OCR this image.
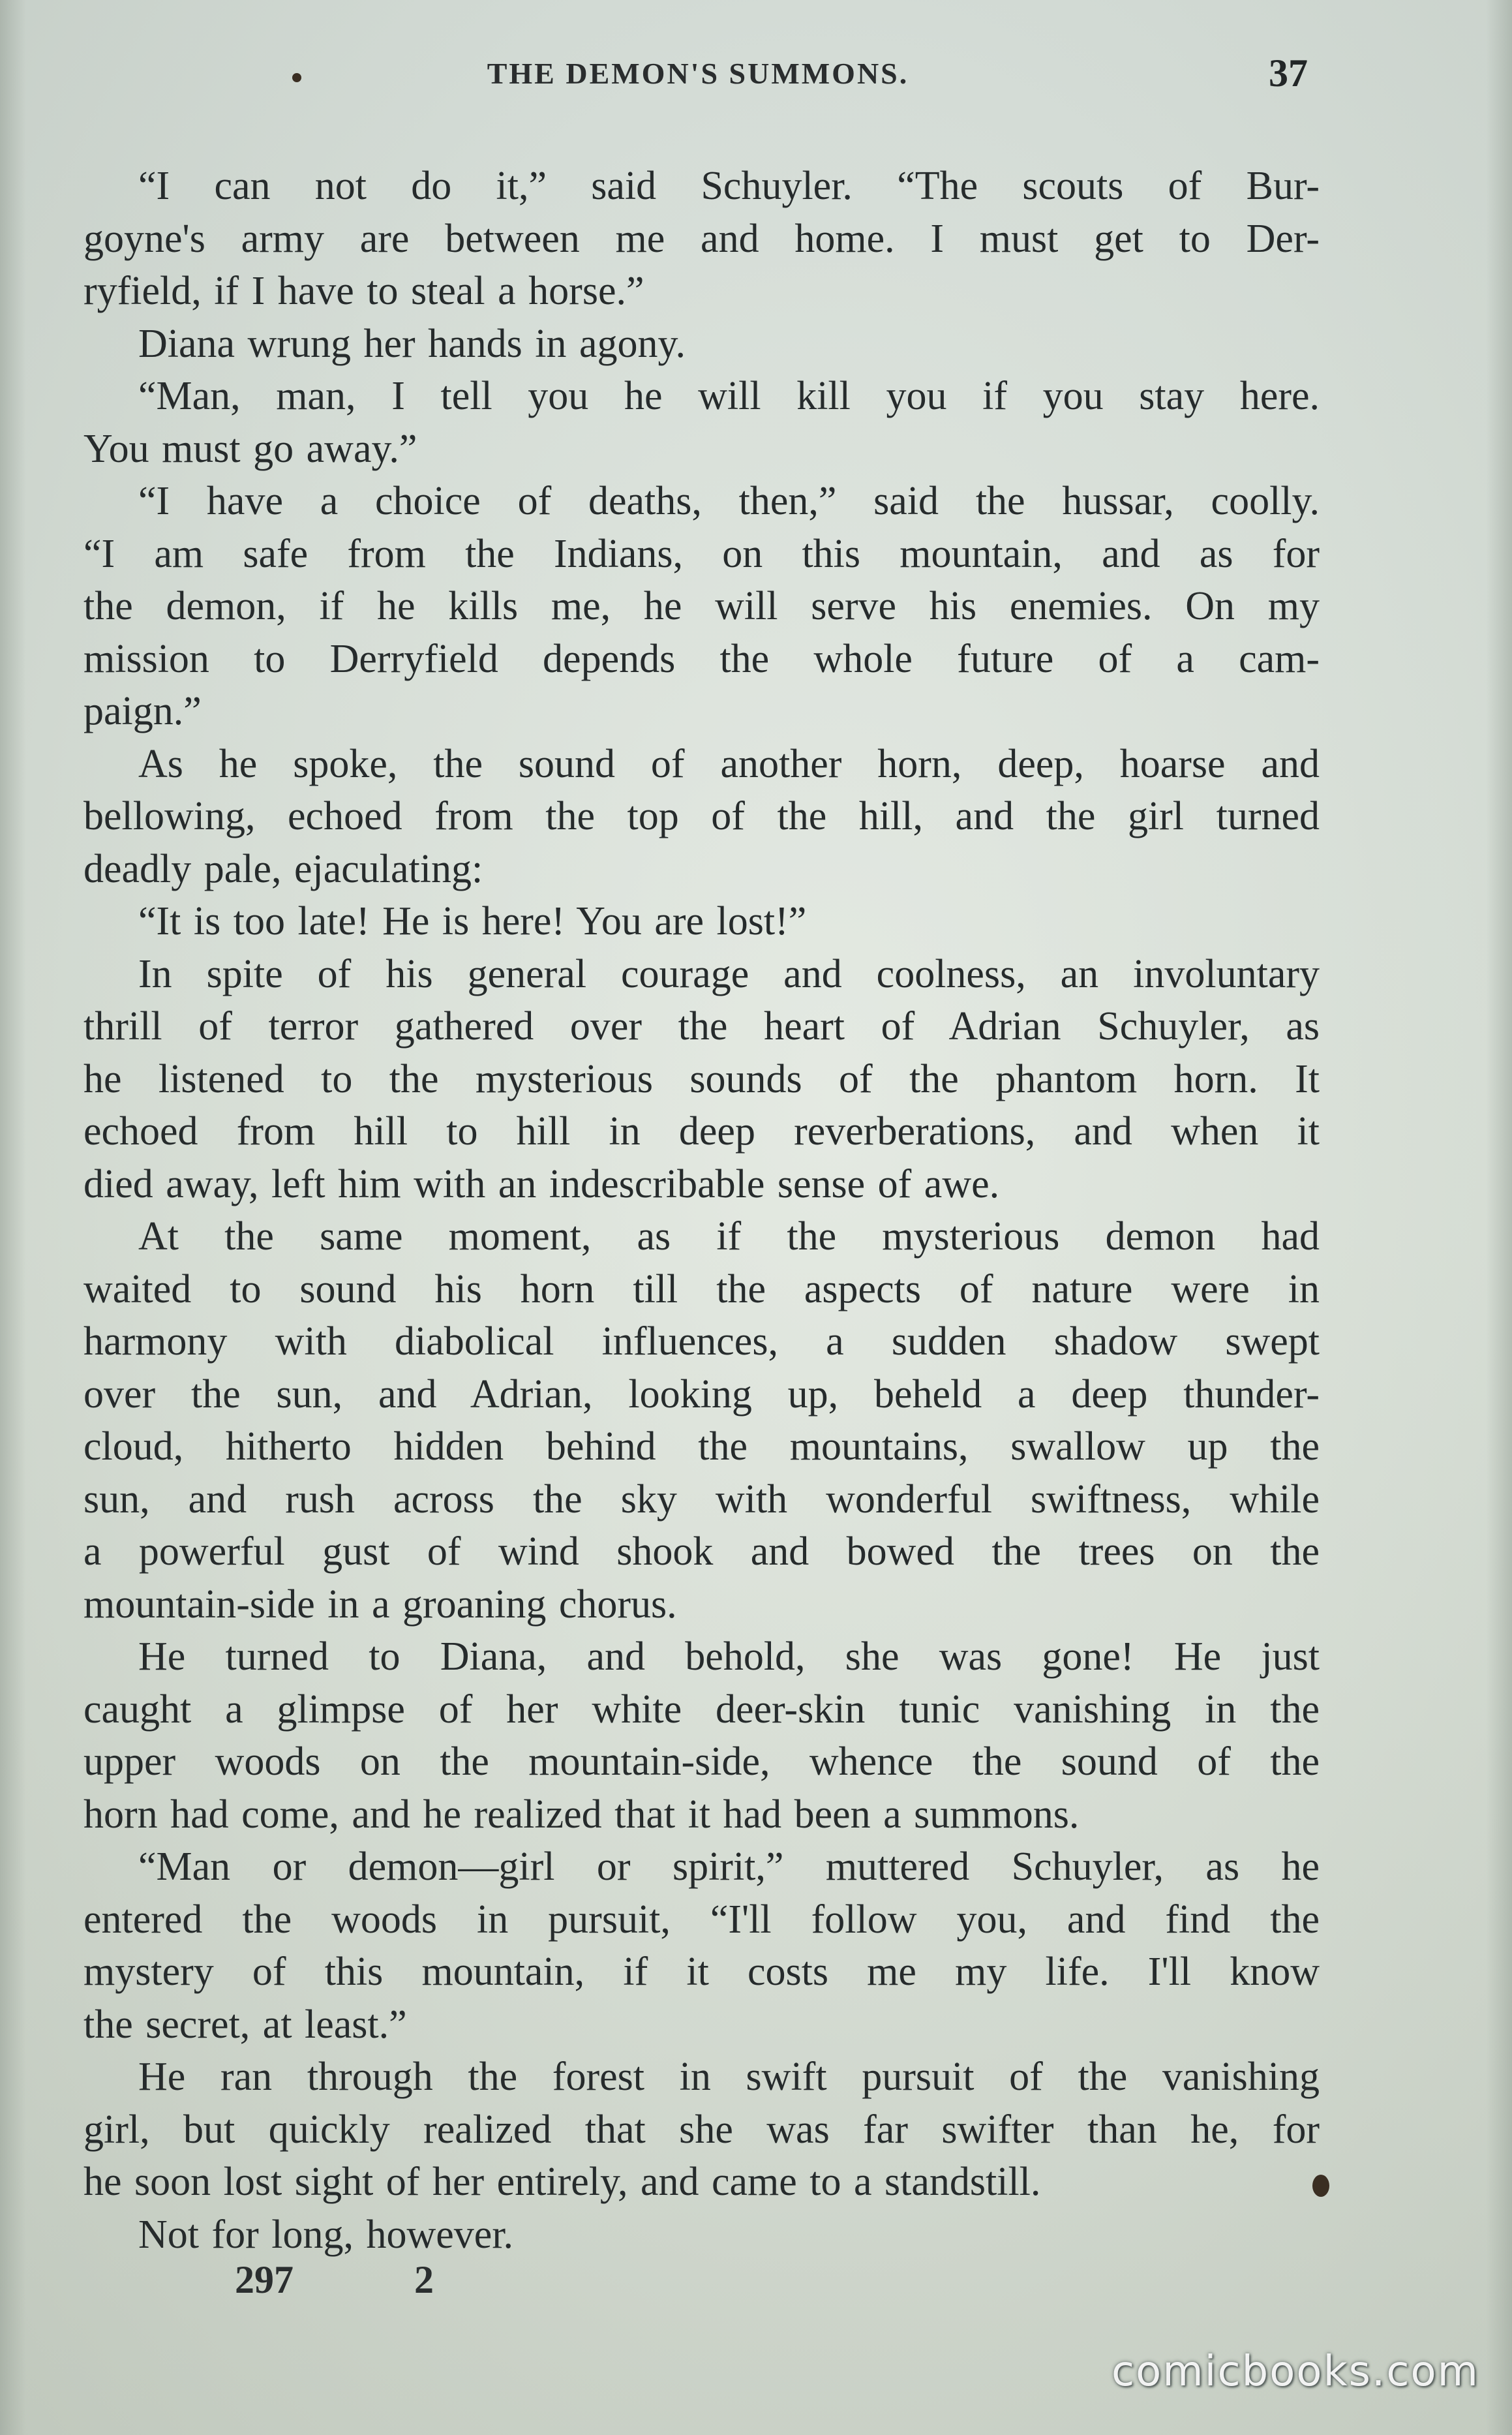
THE DEMON'S SUMMONS.	37
“I can not do it,” said Schuyler. “The scouts of Bur-
goyne's army are between me and home. I must get to Der-
ryfield, if I have to steal a horse.”
Diana wrung her hands in agony.
“Man, man, I tell you he will kill you if you stay here.
You must go away.”
“I have a choice of deaths, then,” said the hussar, coolly.
“I am safe from the Indians, on this mountain, and as for
the demon, if he kills me, he will serve his enemies. On my
mission to Derryfield depends the whole future of a cam-
paign.”
As he spoke, the sound of another horn, deep, hoarse and
bellowing, echoed from the top of the hill, and the girl turned
deadly pale, ejaculating:
“It is too late! He is here! You are lost!”
In spite of his general courage and coolness, an involuntary
thrill of terror gathered over the heart of Adrian Schuyler, as
he listened to the mysterious sounds of the phantom horn. It
echoed from hill to hill in deep reverberations, and when it
died away, left him with an indescribable sense of awe.
At the same moment, as if the mysterious demon had
waited to sound his horn till the aspects of nature were in
harmony with diabolical influences, a sudden shadow swept
over the sun, and Adrian, looking up, beheld a deep thunder-
cloud, hitherto hidden behind the mountains, swallow up the
sun, and rush across the sky with wonderful swiftness, while
a powerful gust of wind shook and bowed the trees on the
mountain-side in a groaning chorus.
He turned to Diana, and behold, she was gone! He just
caught a glimpse of her white deer-skin tunic vanishing in the
upper woods on the mountain-side, whence the sound of the
horn had come, and he realized that it had been a summons.
“Man or demon—girl or spirit,” muttered Schuyler, as he
entered the woods in pursuit, “I'll follow you, and find the
mystery of this mountain, if it costs me my life. I'll know
the secret, at least.”
He ran through the forest in swift pursuit of the vanishing
girl, but quickly realized that she was far swifter than he, for
he soon lost sight of her entirely, and came to a standstill.
Not for long, however.
297	2
comicbooks.com
